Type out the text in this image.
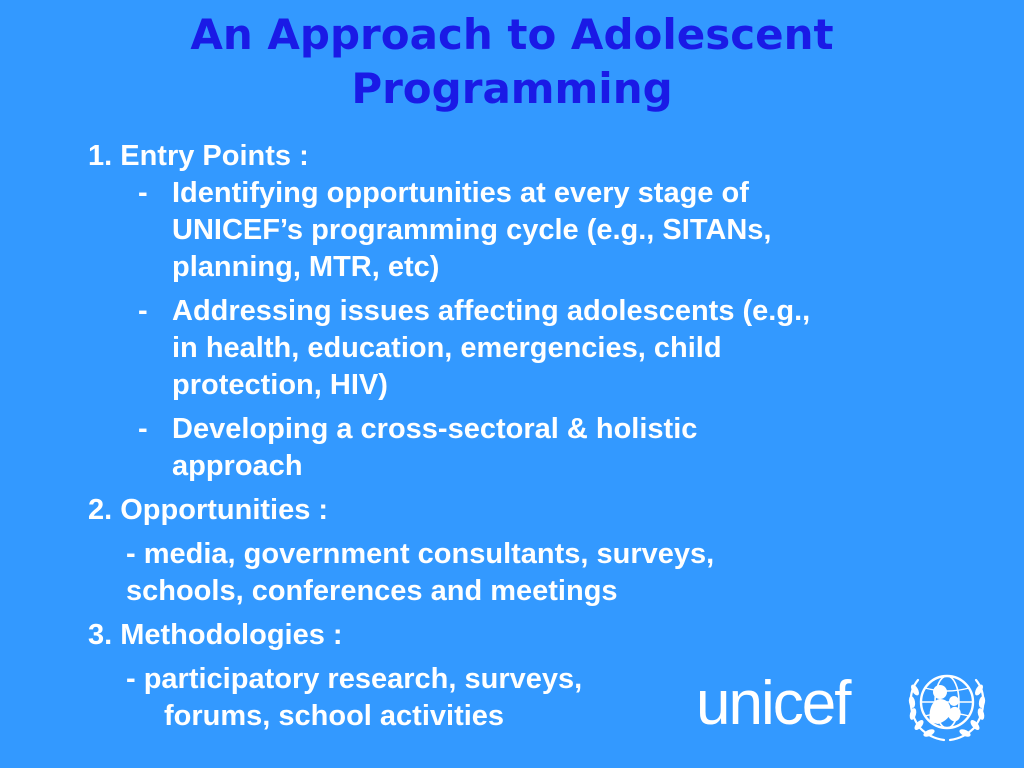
An Approach to Adolescent
Programming
1. Entry Points :
- Identifying opportunities at every stage of
UNICEF’s programming cycle (e.g., SITANs,
planning, MTR, etc)
- Addressing issues affecting adolescents (e.g.,
in health, education, emergencies, child
protection, HIV)
- Developing a cross-sectoral & holistic
approach
2. Opportunities :
- media, government consultants, surveys,
schools, conferences and meetings
3. Methodologies :
- participatory research, surveys,
forums, school activities	unicef
